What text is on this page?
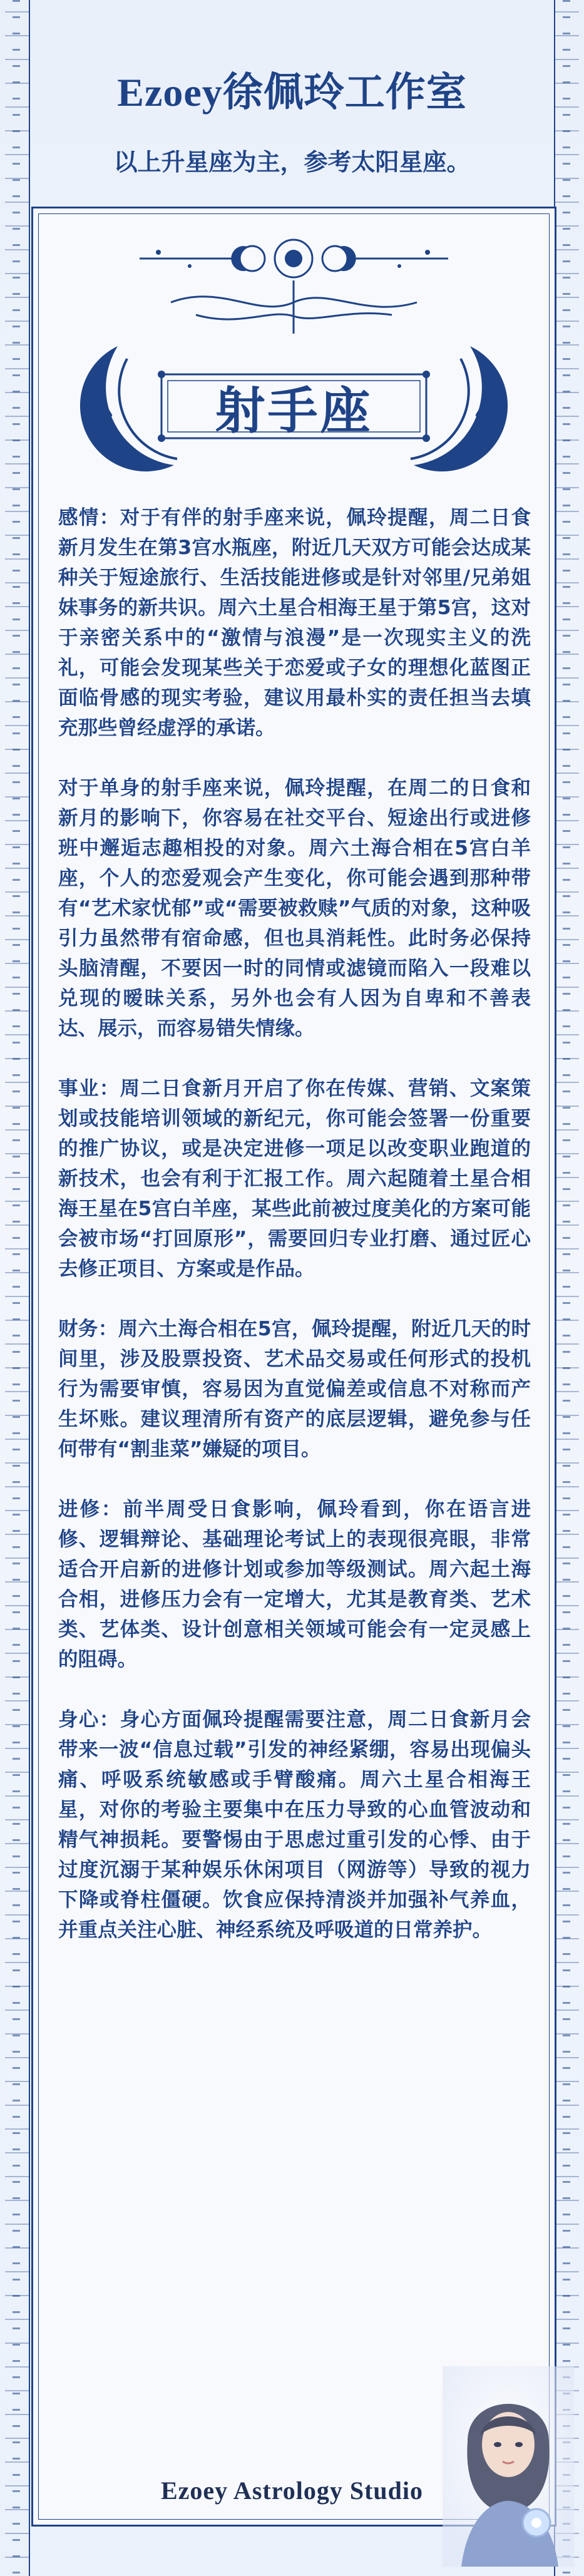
Ezoey徐佩玲工作室
以上升星座为主，参考太阳星座。
射手座

感情：对于有伴的射手座来说，佩玲提醒，周二日食新月发生在第3宫水瓶座，附近几天双方可能会达成某种关于短途旅行、生活技能进修或是针对邻里/兄弟姐妹事务的新共识。周六土星合相海王星于第5宫，这对于亲密关系中的“激情与浪漫”是一次现实主义的洗礼，可能会发现某些关于恋爱或子女的理想化蓝图正面临骨感的现实考验，建议用最朴实的责任担当去填充那些曾经虚浮的承诺。

对于单身的射手座来说，佩玲提醒，在周二的日食和新月的影响下，你容易在社交平台、短途出行或进修班中邂逅志趣相投的对象。周六土海合相在5宫白羊座，个人的恋爱观会产生变化，你可能会遇到那种带有“艺术家忧郁”或“需要被救赎”气质的对象，这种吸引力虽然带有宿命感，但也具消耗性。此时务必保持头脑清醒，不要因一时的同情或滤镜而陷入一段难以兑现的暧昧关系，另外也会有人因为自卑和不善表达、展示，而容易错失情缘。

事业：周二日食新月开启了你在传媒、营销、文案策划或技能培训领域的新纪元，你可能会签署一份重要的推广协议，或是决定进修一项足以改变职业跑道的新技术，也会有利于汇报工作。周六起随着土星合相海王星在5宫白羊座，某些此前被过度美化的方案可能会被市场“打回原形”，需要回归专业打磨、通过匠心去修正项目、方案或是作品。

财务：周六土海合相在5宫，佩玲提醒，附近几天的时间里，涉及股票投资、艺术品交易或任何形式的投机行为需要审慎，容易因为直觉偏差或信息不对称而产生坏账。建议理清所有资产的底层逻辑，避免参与任何带有“割韭菜”嫌疑的项目。

进修：前半周受日食影响，佩玲看到，你在语言进修、逻辑辩论、基础理论考试上的表现很亮眼，非常适合开启新的进修计划或参加等级测试。周六起土海合相，进修压力会有一定增大，尤其是教育类、艺术类、艺体类、设计创意相关领域可能会有一定灵感上的阻碍。

身心：身心方面佩玲提醒需要注意，周二日食新月会带来一波“信息过载”引发的神经紧绷，容易出现偏头痛、呼吸系统敏感或手臂酸痛。周六土星合相海王星，对你的考验主要集中在压力导致的心血管波动和精气神损耗。要警惕由于思虑过重引发的心悸、由于过度沉溺于某种娱乐休闲项目（网游等）导致的视力下降或脊柱僵硬。饮食应保持清淡并加强补气养血，并重点关注心脏、神经系统及呼吸道的日常养护。

Ezoey Astrology Studio
